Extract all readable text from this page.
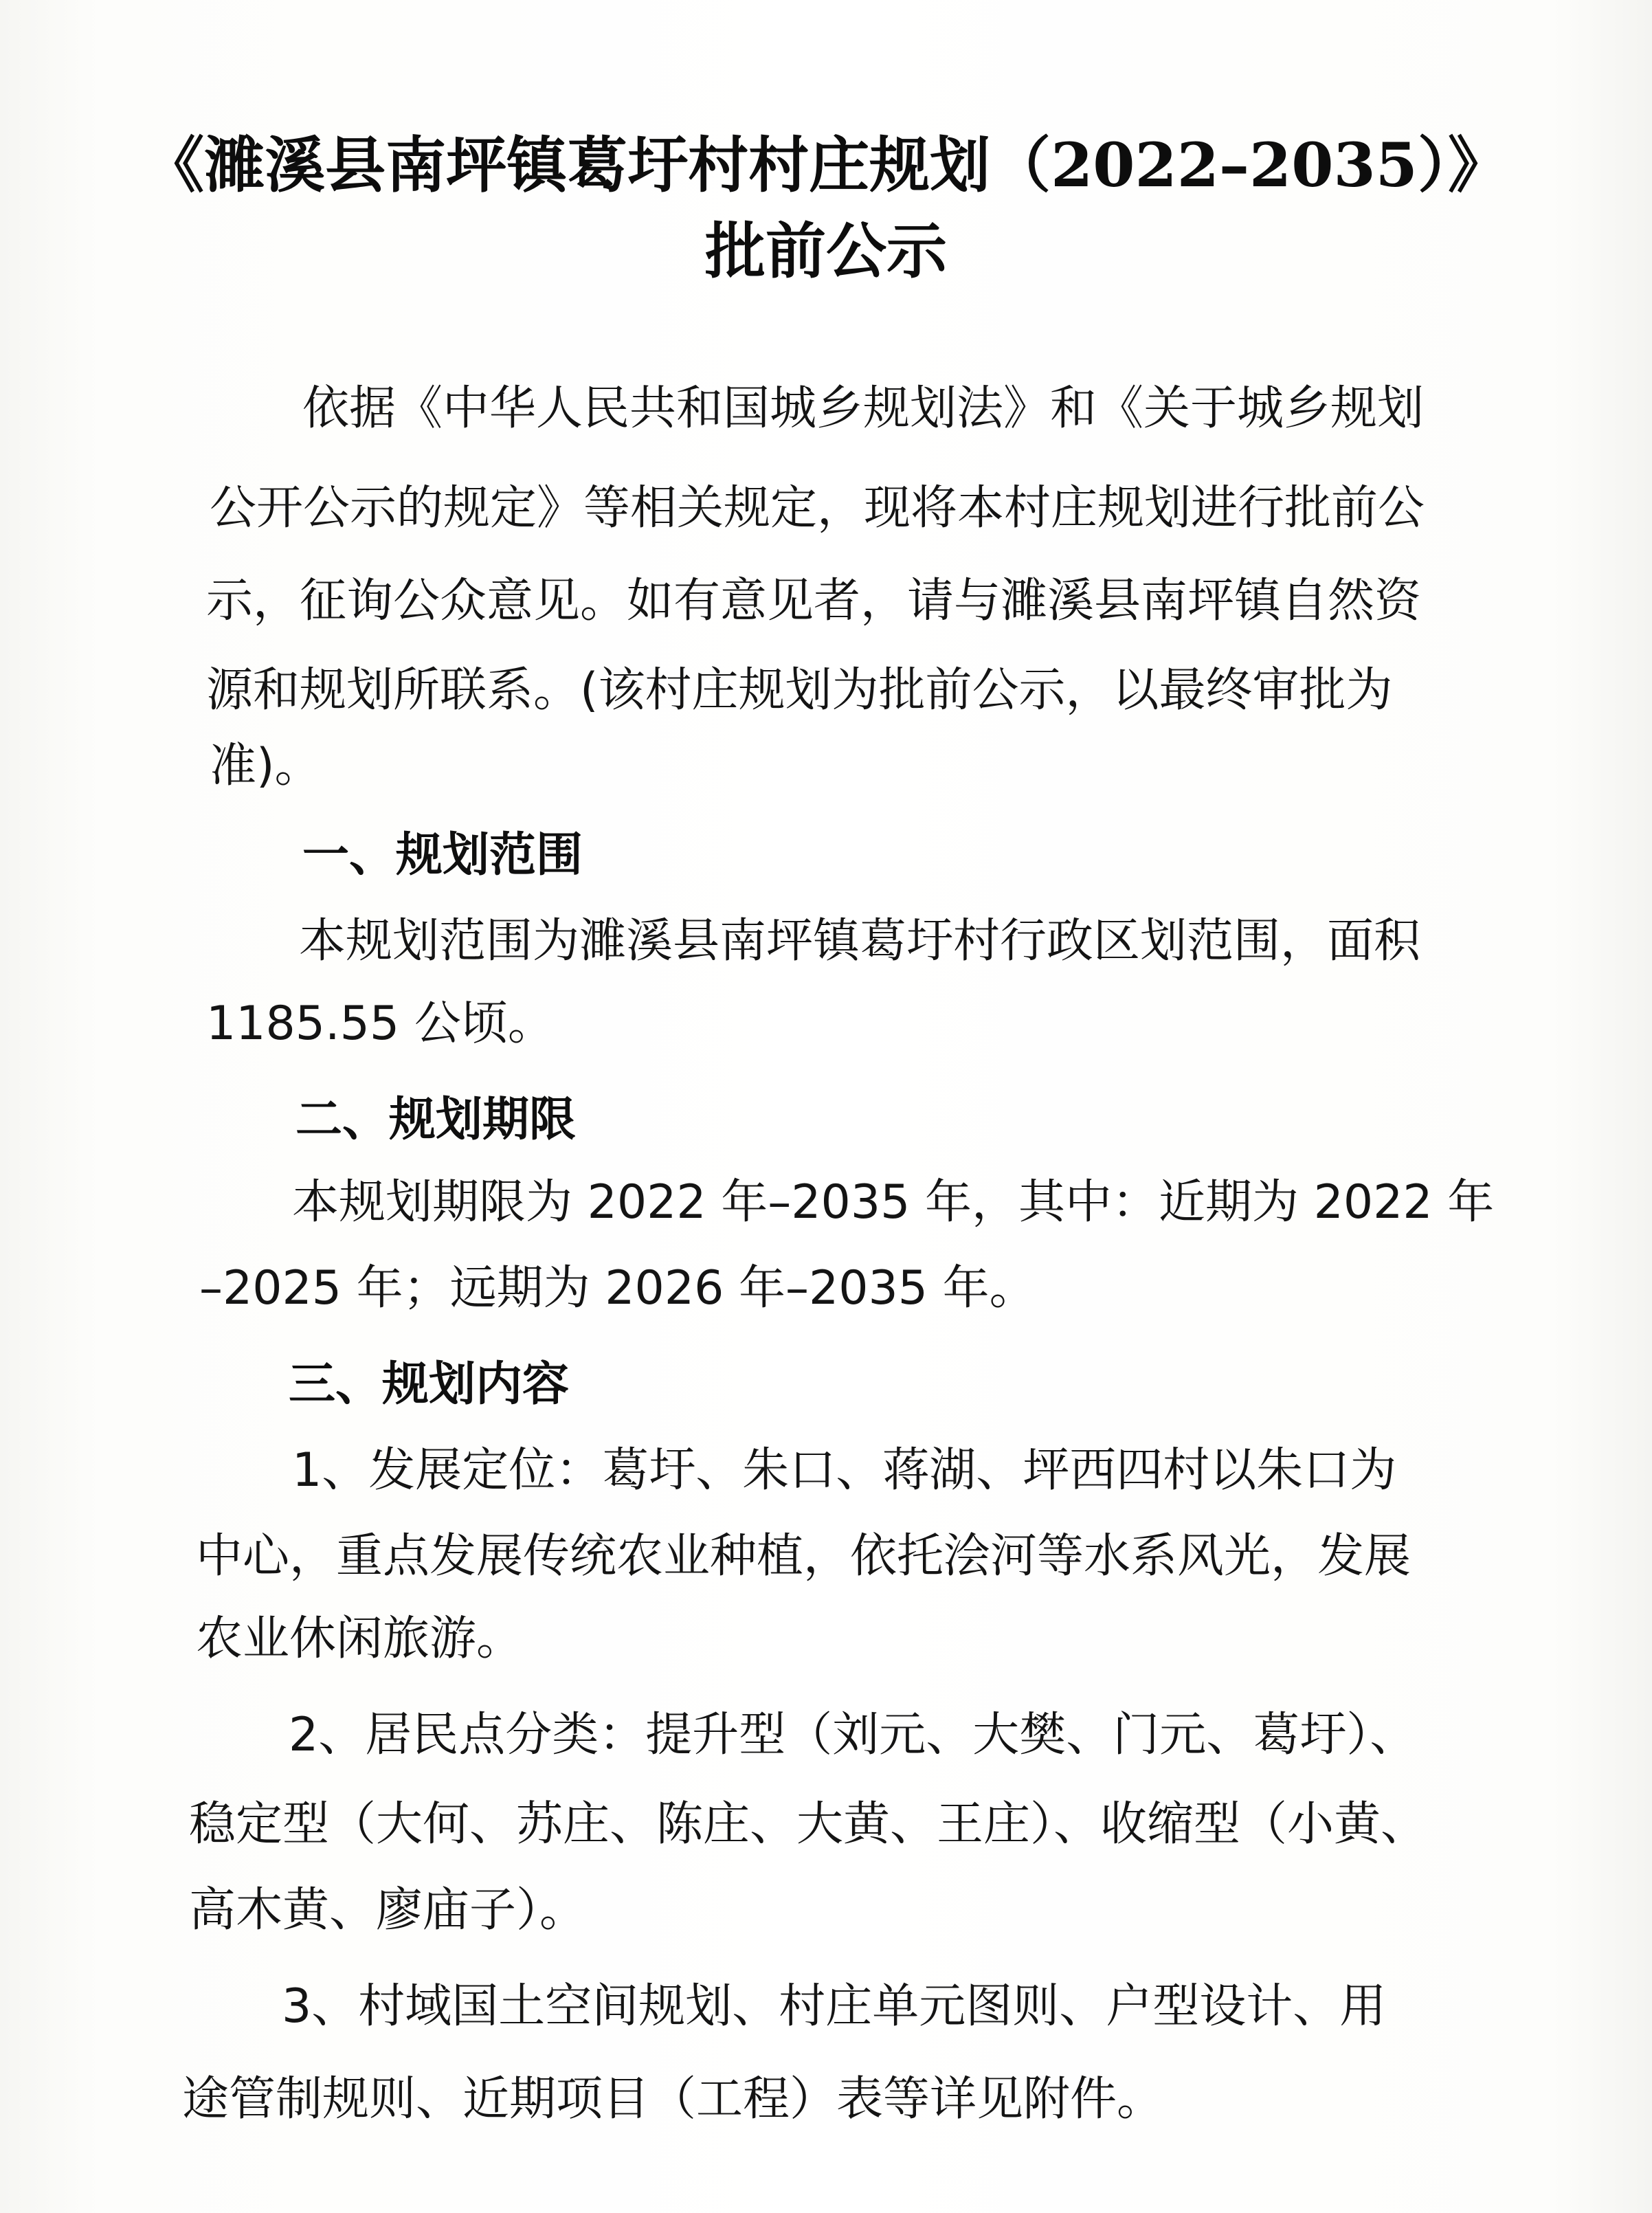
《濉溪县南坪镇葛圩村村庄规划（2022–2035）》
批前公示

依据《中华人民共和国城乡规划法》和《关于城乡规划

公开公示的规定》等相关规定，现将本村庄规划进行批前公

示，征询公众意见。如有意见者，请与濉溪县南坪镇自然资

源和规划所联系。(该村庄规划为批前公示，以最终审批为

准)。

一、规划范围

本规划范围为濉溪县南坪镇葛圩村行政区划范围，面积

1185.55 公顷。

二、规划期限

本规划期限为 2022 年–2035 年，其中：近期为 2022 年

–2025 年；远期为 2026 年–2035 年。

三、规划内容

1、发展定位：葛圩、朱口、蒋湖、坪西四村以朱口为

中心，重点发展传统农业种植，依托浍河等水系风光，发展

农业休闲旅游。

2、居民点分类：提升型（刘元、大樊、门元、葛圩）、

稳定型（大何、苏庄、陈庄、大黄、王庄）、收缩型（小黄、

高木黄、廖庙子）。

3、村域国土空间规划、村庄单元图则、户型设计、用

途管制规则、近期项目（工程）表等详见附件。
